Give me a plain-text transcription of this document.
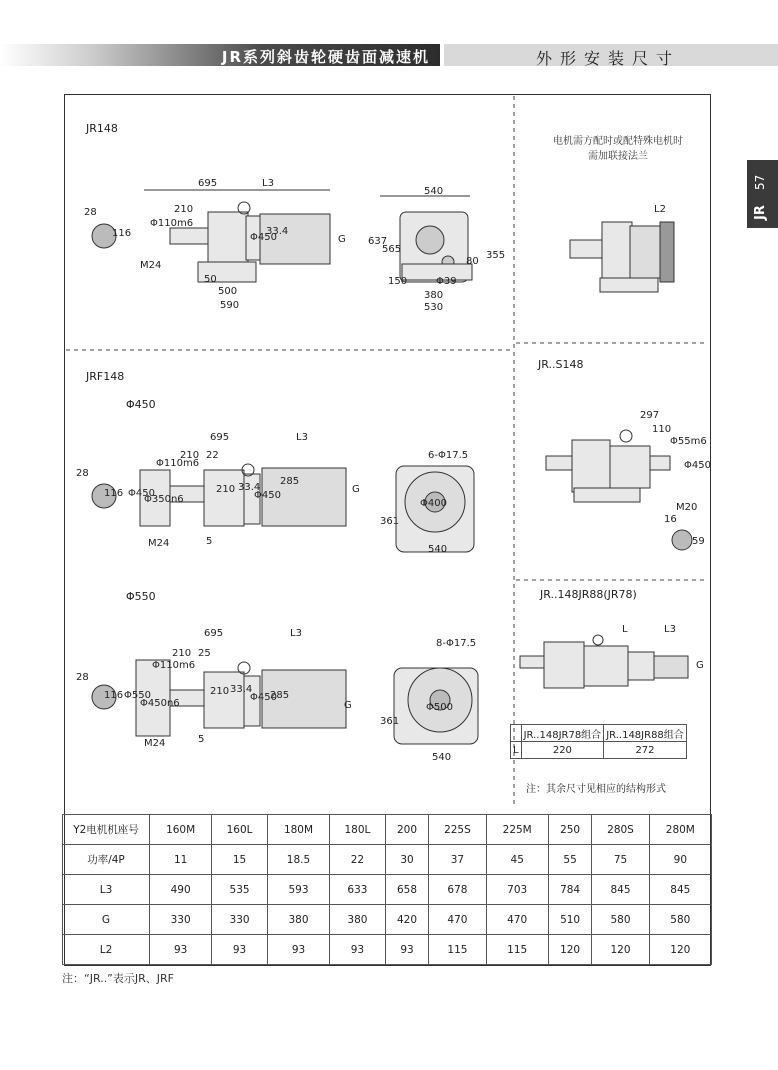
JR系列斜齿轮硬齿面减速机	外形安装尺寸
57
JR
JR148
695	L3
210
28
116
Φ110m6
M24
50
500
590
Φ450
33.4
G
540
637
565
355
80
150	Φ39
380
530
电机需方配时或配特殊电机时
需加联接法兰
L2
JRF148
Φ450
695	L3
210 22
28
116 Φ450
Φ350n6
Φ110m6
210 33.4
Φ450
285
G
M24	5
6-Φ17.5
Φ400
361
540
Φ550
695	L3
210 25
28
116 Φ550
Φ450n6
Φ110m6
210 33.4
Φ450
285
G
M24	5
8-Φ17.5
Φ500
361
540
JR..S148
297
110
Φ55m6
Φ450
M20
16
59
JR..148JR88(JR78)
L	L3
G
	JR..148JR78组合	JR..148JR88组合
L	220	272
注：其余尺寸见相应的结构形式
Y2电机机座号	160M	160L	180M	180L	200	225S	225M	250	280S	280M
功率/4P	11	15	18.5	22	30	37	45	55	75	90
L3	490	535	593	633	658	678	703	784	845	845
G	330	330	380	380	420	470	470	510	580	580
L2	93	93	93	93	93	115	115	120	120	120
注：“JR..”表示JR、JRF
